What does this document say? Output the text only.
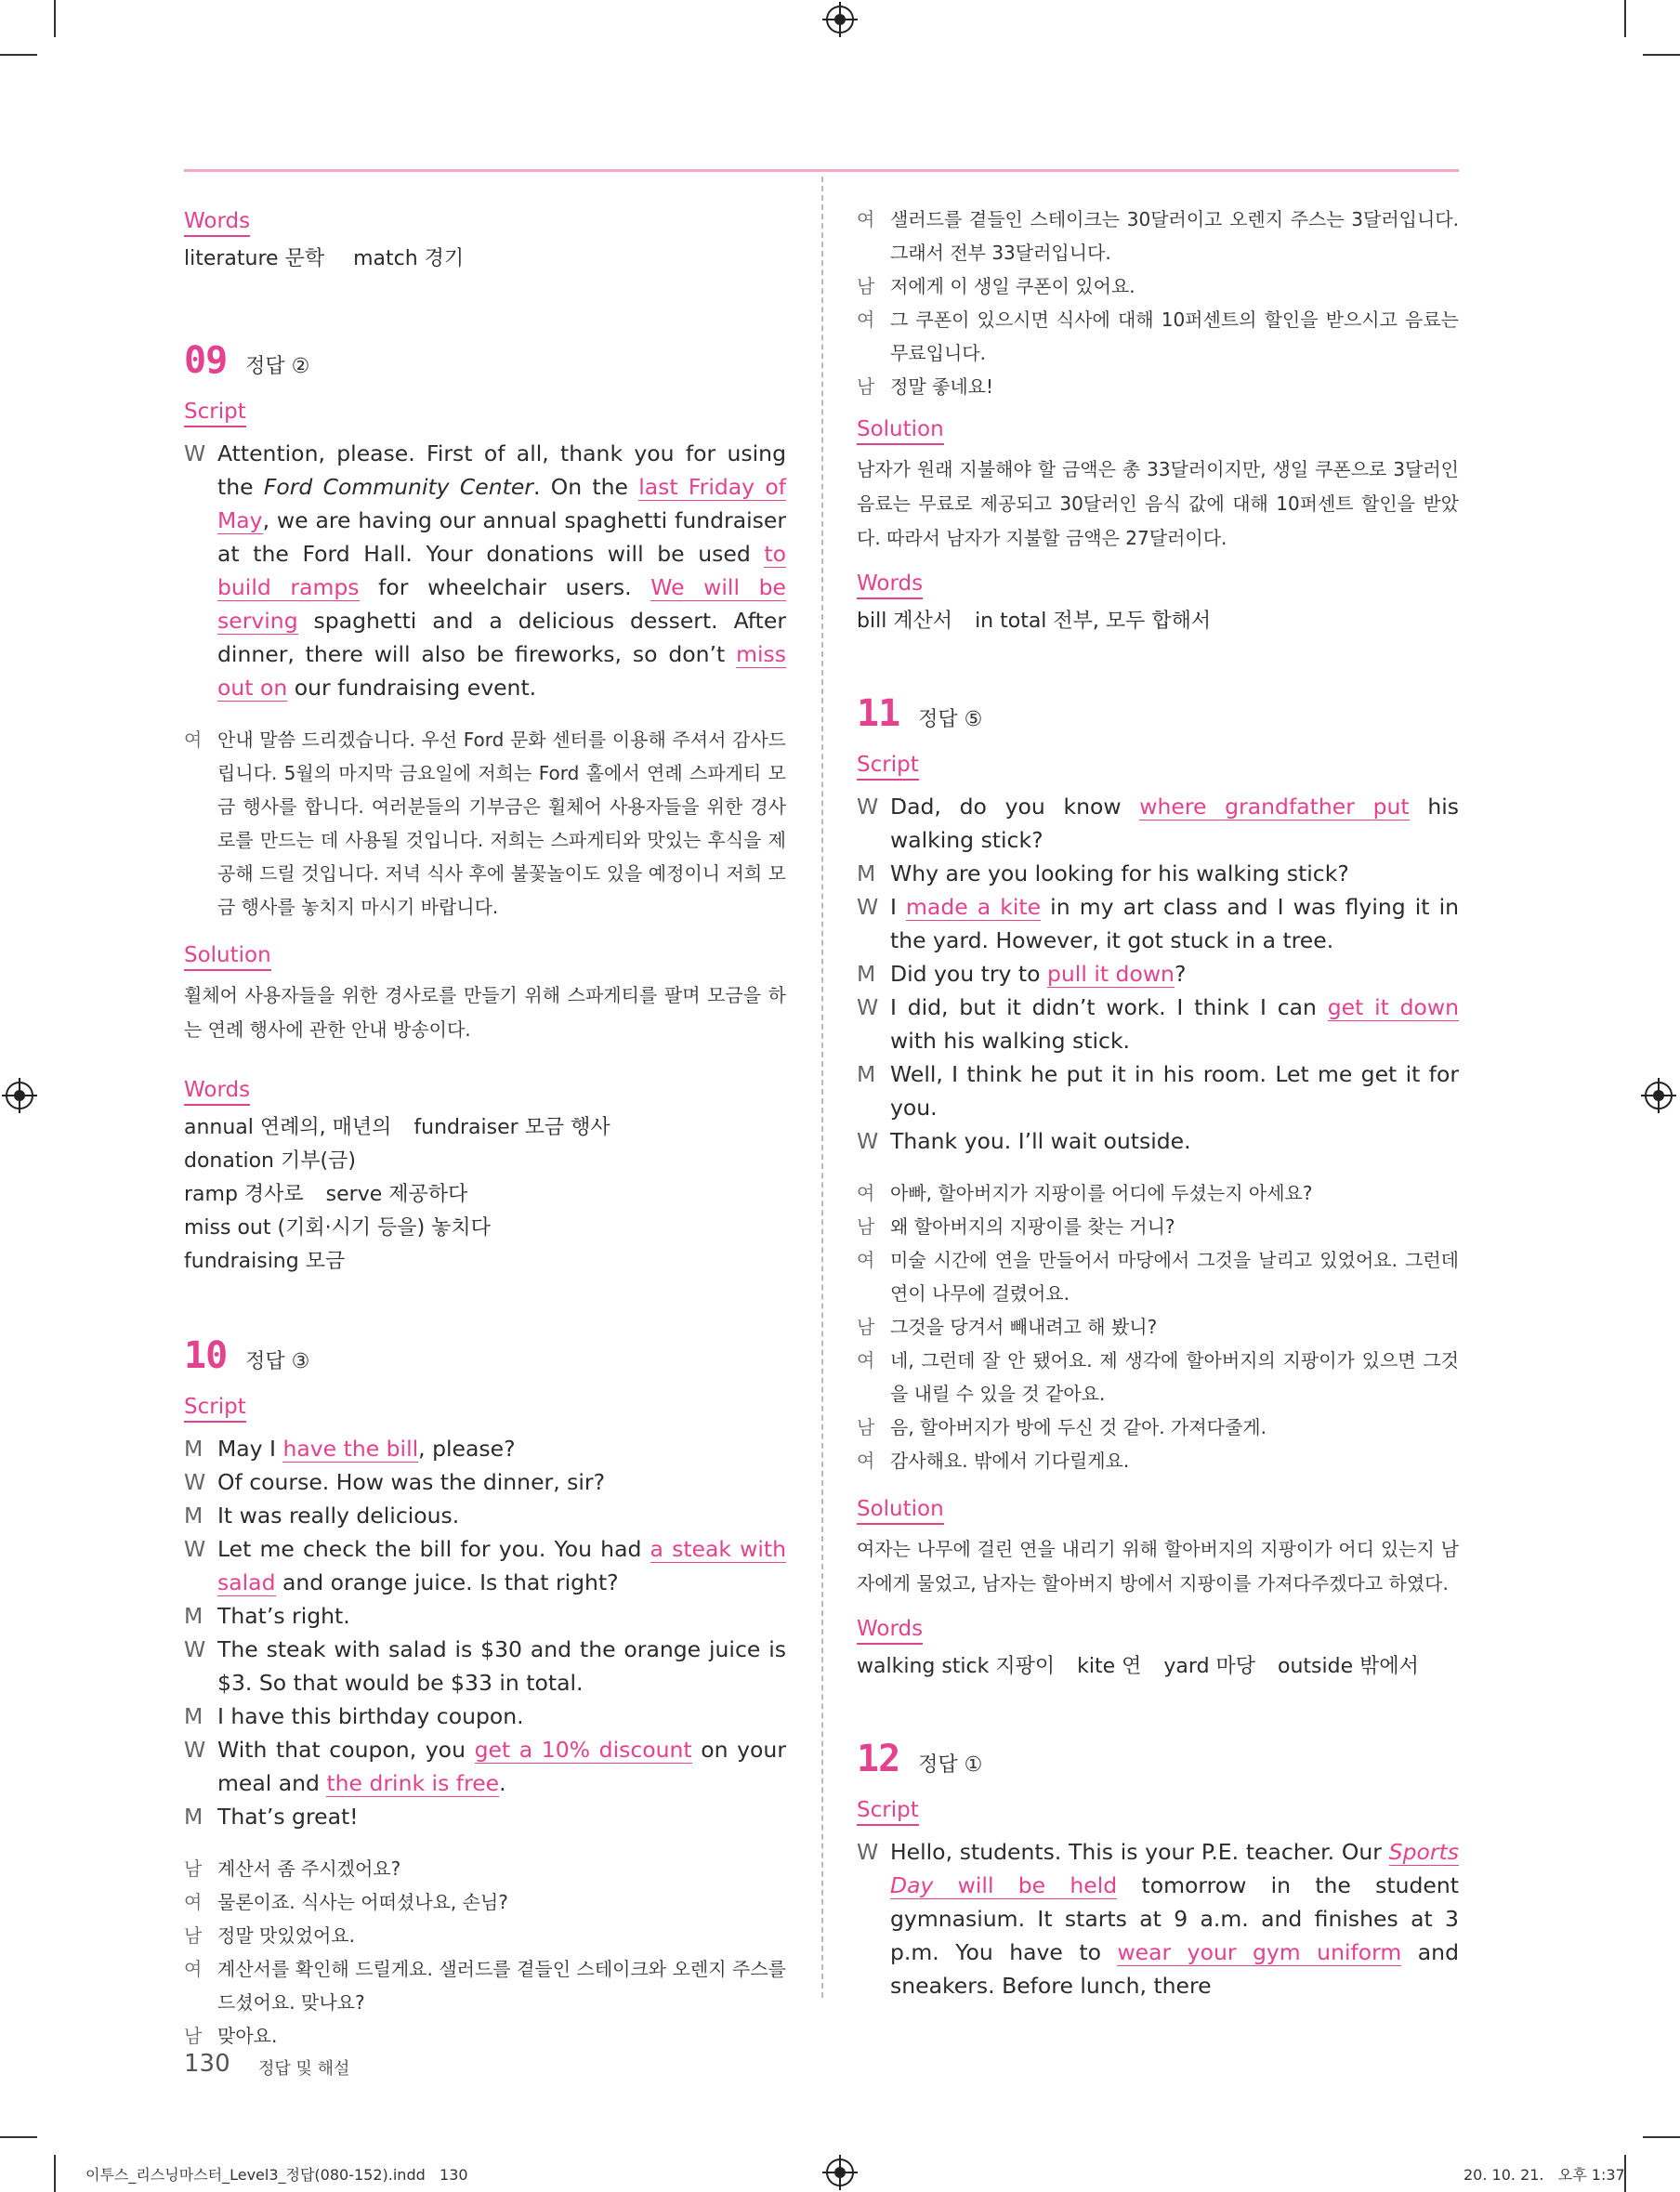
Words
literature 문학 match 경기
09 정답 ②
Script
W Attention, please. First of all, thank you for using the Ford Community Center. On the last Friday of May, we are having our annual spaghetti fundraiser at the Ford Hall. Your donations will be used to build ramps for wheelchair users. We will be serving spaghetti and a delicious dessert. After dinner, there will also be fireworks, so don’t miss out on our fundraising event.
여 안내 말씀 드리겠습니다. 우선 Ford 문화 센터를 이용해 주셔서 감사드립니다. 5월의 마지막 금요일에 저희는 Ford 홀에서 연례 스파게티 모금 행사를 합니다. 여러분들의 기부금은 휠체어 사용자들을 위한 경사로를 만드는 데 사용될 것입니다. 저희는 스파게티와 맛있는 후식을 제공해 드릴 것입니다. 저녁 식사 후에 불꽃놀이도 있을 예정이니 저희 모금 행사를 놓치지 마시기 바랍니다.
Solution
휠체어 사용자들을 위한 경사로를 만들기 위해 스파게티를 팔며 모금을 하는 연례 행사에 관한 안내 방송이다.
Words
annual 연례의, 매년의 fundraiser 모금 행사donation 기부(금)
ramp 경사로 serve 제공하다miss out (기회·시기 등을) 놓치다
fundraising 모금
10 정답 ③
Script
M May I have the bill, please?
W Of course. How was the dinner, sir?
M It was really delicious.
W Let me check the bill for you. You had a steak with salad and orange juice. Is that right?
M That’s right.
W The steak with salad is $30 and the orange juice is $3. So that would be $33 in total.
M I have this birthday coupon.
W With that coupon, you get a 10% discount on your meal and the drink is free.
M That’s great!
남 계산서 좀 주시겠어요?
여 물론이죠. 식사는 어떠셨나요, 손님?
남 정말 맛있었어요.
여 계산서를 확인해 드릴게요. 샐러드를 곁들인 스테이크와 오렌지 주스를 드셨어요. 맞나요?
남 맞아요.
여 샐러드를 곁들인 스테이크는 30달러이고 오렌지 주스는 3달러입니다. 그래서 전부 33달러입니다.
남 저에게 이 생일 쿠폰이 있어요.
여 그 쿠폰이 있으시면 식사에 대해 10퍼센트의 할인을 받으시고 음료는 무료입니다.
남 정말 좋네요!
Solution
남자가 원래 지불해야 할 금액은 총 33달러이지만, 생일 쿠폰으로 3달러인 음료는 무료로 제공되고 30달러인 음식 값에 대해 10퍼센트 할인을 받았다. 따라서 남자가 지불할 금액은 27달러이다.
Words
bill 계산서 in total 전부, 모두 합해서
11 정답 ⑤
Script
W Dad, do you know where grandfather put his walking stick?
M Why are you looking for his walking stick?
W I made a kite in my art class and I was flying it in the yard. However, it got stuck in a tree.
M Did you try to pull it down?
W I did, but it didn’t work. I think I can get it down with his walking stick.
M Well, I think he put it in his room. Let me get it for you.
W Thank you. I’ll wait outside.
여 아빠, 할아버지가 지팡이를 어디에 두셨는지 아세요?
남 왜 할아버지의 지팡이를 찾는 거니?
여 미술 시간에 연을 만들어서 마당에서 그것을 날리고 있었어요. 그런데 연이 나무에 걸렸어요.
남 그것을 당겨서 빼내려고 해 봤니?
여 네, 그런데 잘 안 됐어요. 제 생각에 할아버지의 지팡이가 있으면 그것을 내릴 수 있을 것 같아요.
남 음, 할아버지가 방에 두신 것 같아. 가져다줄게.
여 감사해요. 밖에서 기다릴게요.
Solution
여자는 나무에 걸린 연을 내리기 위해 할아버지의 지팡이가 어디 있는지 남자에게 물었고, 남자는 할아버지 방에서 지팡이를 가져다주겠다고 하였다.
Words
walking stick 지팡이 kite 연 yard 마당 outside 밖에서
12 정답 ①
Script
W Hello, students. This is your P.E. teacher. Our Sports Day will be held tomorrow in the student gymnasium. It starts at 9 a.m. and finishes at 3 p.m. You have to wear your gym uniform and sneakers. Before lunch, there
130 정답 및 해설
이투스_리스닝마스터_Level3_정답(080-152).indd   130	20. 10. 21.   오후 1:37
